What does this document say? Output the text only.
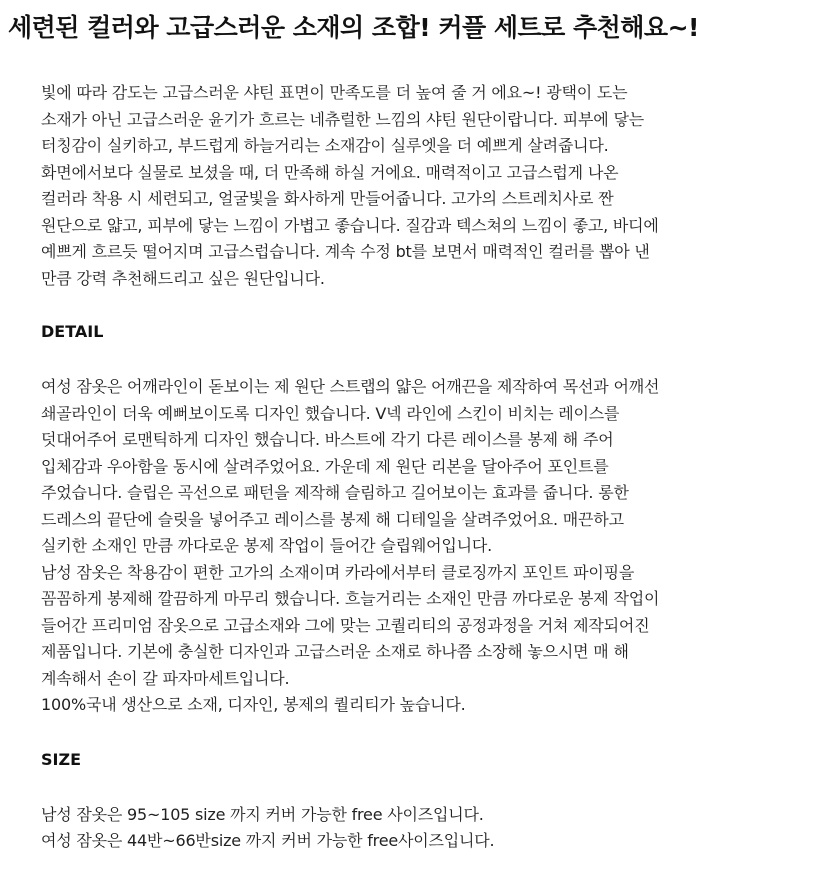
세련된 컬러와 고급스러운 소재의 조합! 커플 세트로 추천해요~!
빛에 따라 감도는 고급스러운 샤틴 표면이 만족도를 더 높여 줄 거 에요~! 광택이 도는
소재가 아닌 고급스러운 윤기가 흐르는 네츄럴한 느낌의 샤틴 원단이랍니다. 피부에 닿는
터칭감이 실키하고, 부드럽게 하늘거리는 소재감이 실루엣을 더 예쁘게 살려줍니다.
화면에서보다 실물로 보셨을 때, 더 만족해 하실 거에요. 매력적이고 고급스럽게 나온
컬러라 착용 시 세련되고, 얼굴빛을 화사하게 만들어줍니다. 고가의 스트레치사로 짠
원단으로 얇고, 피부에 닿는 느낌이 가볍고 좋습니다. 질감과 텍스쳐의 느낌이 좋고, 바디에
예쁘게 흐르듯 떨어지며 고급스럽습니다. 계속 수정 bt를 보면서 매력적인 컬러를 뽑아 낸
만큼 강력 추천해드리고 싶은 원단입니다.
DETAIL
여성 잠옷은 어깨라인이 돋보이는 제 원단 스트랩의 얇은 어깨끈을 제작하여 목선과 어깨선
쇄골라인이 더욱 예뻐보이도록 디자인 했습니다. V넥 라인에 스킨이 비치는 레이스를
덧대어주어 로맨틱하게 디자인 했습니다. 바스트에 각기 다른 레이스를 봉제 해 주어
입체감과 우아함을 동시에 살려주었어요. 가운데 제 원단 리본을 달아주어 포인트를
주었습니다. 슬립은 곡선으로 패턴을 제작해 슬림하고 길어보이는 효과를 줍니다. 롱한
드레스의 끝단에 슬릿을 넣어주고 레이스를 봉제 해 디테일을 살려주었어요. 매끈하고
실키한 소재인 만큼 까다로운 봉제 작업이 들어간 슬립웨어입니다.
남성 잠옷은 착용감이 편한 고가의 소재이며 카라에서부터 클로징까지 포인트 파이핑을
꼼꼼하게 봉제해 깔끔하게 마무리 했습니다. 흐늘거리는 소재인 만큼 까다로운 봉제 작업이
들어간 프리미엄 잠옷으로 고급소재와 그에 맞는 고퀄리티의 공정과정을 거쳐 제작되어진
제품입니다. 기본에 충실한 디자인과 고급스러운 소재로 하나쯤 소장해 놓으시면 매 해
계속해서 손이 갈 파자마세트입니다.
100%국내 생산으로 소재, 디자인, 봉제의 퀄리티가 높습니다.
SIZE
남성 잠옷은 95~105 size 까지 커버 가능한 free 사이즈입니다.
여성 잠옷은 44반~66반size 까지 커버 가능한 free사이즈입니다.
